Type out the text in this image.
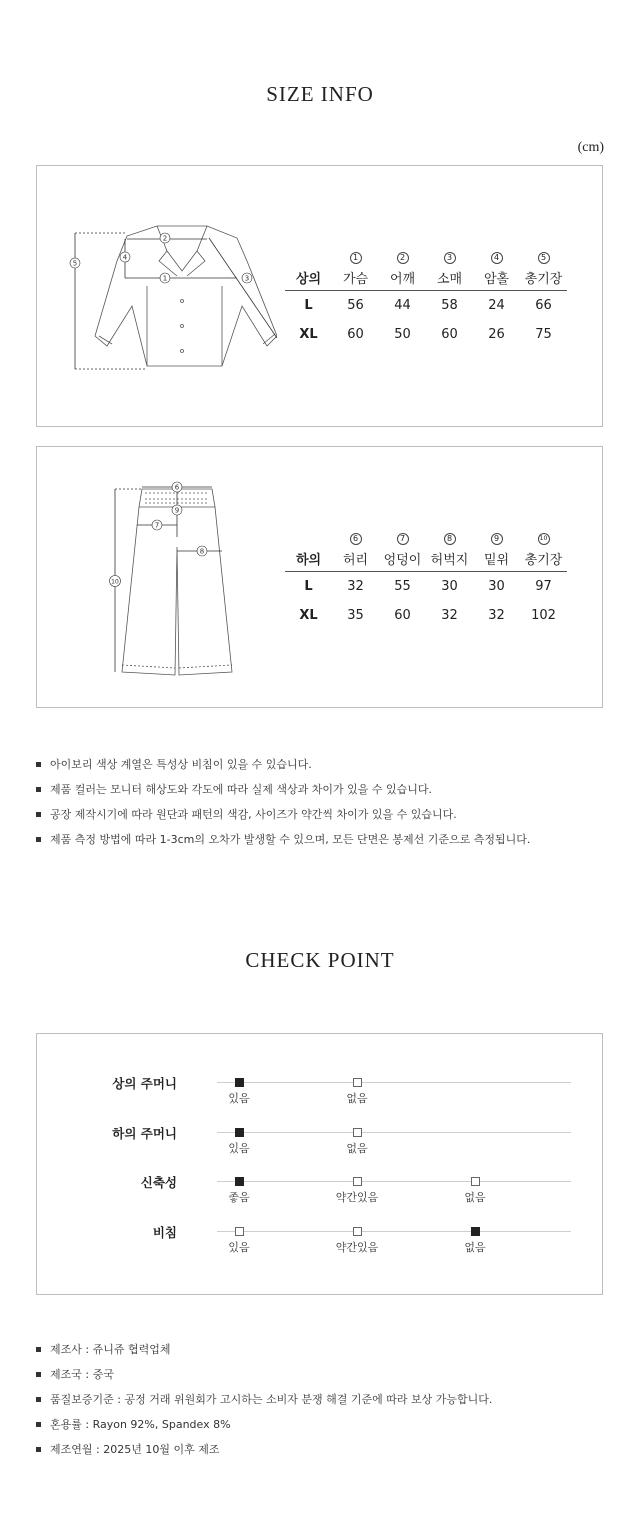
SIZE INFO
(cm)
5
2
4
1	3
	1	2	3	4	5
상의	가슴	어깨	소매	암홀	총기장
L	56	44	58	24	66
XL	60	50	60	26	75
6
9
7
8
10
	6	7	8	9	10
하의	허리	엉덩이	허벅지	밑위	총기장
L	32	55	30	30	97
XL	35	60	32	32	102
아이보리 색상 계열은 특성상 비침이 있을 수 있습니다.
제품 컬러는 모니터 해상도와 각도에 따라 실제 색상과 차이가 있을 수 있습니다.
공장 제작시기에 따라 원단과 패턴의 색감, 사이즈가 약간씩 차이가 있을 수 있습니다.
제품 측정 방법에 따라 1-3cm의 오차가 발생할 수 있으며, 모든 단면은 봉제선 기준으로 측정됩니다.
CHECK POINT
상의 주머니
있음	없음
하의 주머니
있음	없음
신축성
좋음	약간있음	없음
비침
있음	약간있음	없음
제조사 : 쥬니쥬 협력업체
제조국 : 중국
품질보증기준 : 공정 거래 위원회가 고시하는 소비자 분쟁 해결 기준에 따라 보상 가능합니다.
혼용률 : Rayon 92%, Spandex 8%
제조연월 : 2025년 10월 이후 제조
